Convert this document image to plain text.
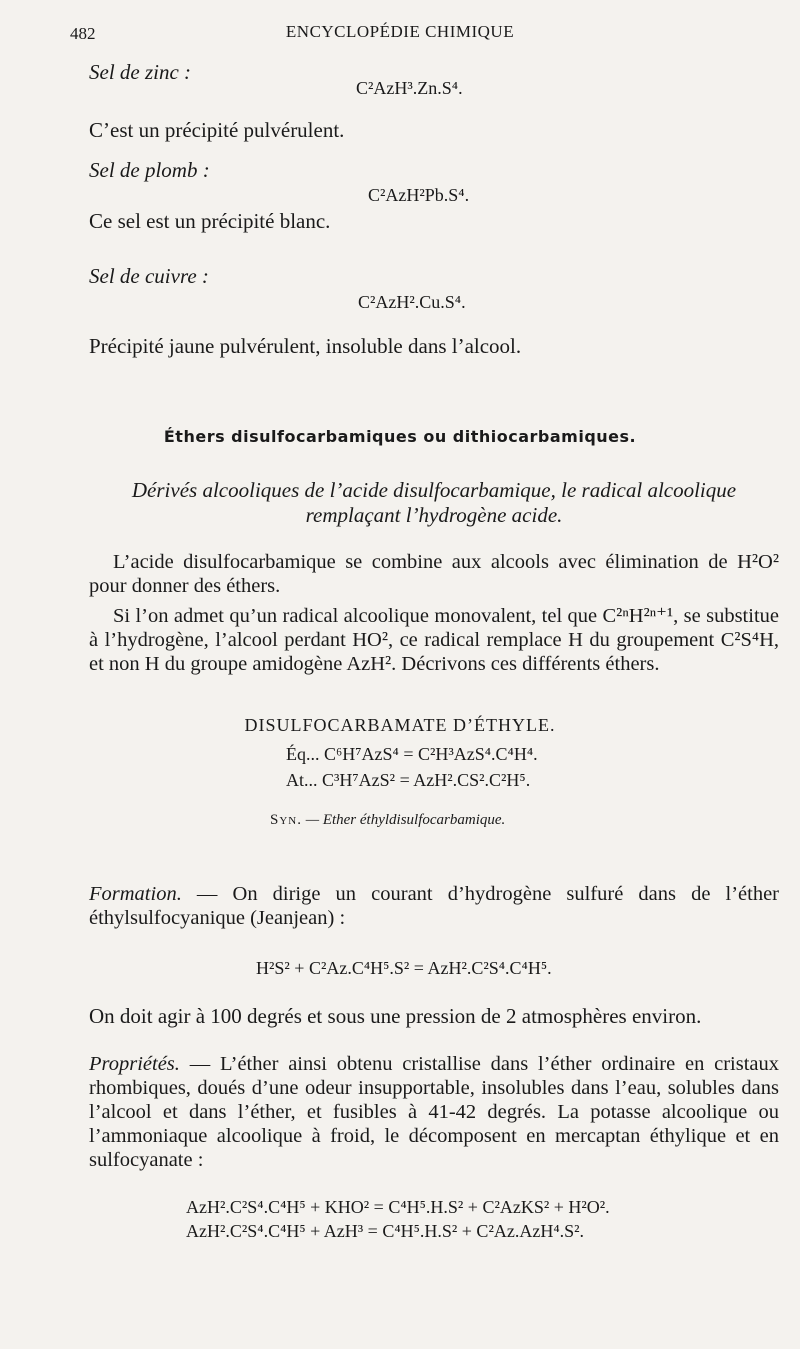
482	ENCYCLOPÉDIE CHIMIQUE
Sel de zinc :
C²AzH³.Zn.S⁴.
C’est un précipité pulvérulent.
Sel de plomb :
C²AzH²Pb.S⁴.
Ce sel est un précipité blanc.
Sel de cuivre :
C²AzH².Cu.S⁴.
Précipité jaune pulvérulent, insoluble dans l’alcool.
Éthers disulfocarbamiques ou dithiocarbamiques.
Dérivés alcooliques de l’acide disulfocarbamique, le radical alcoolique
remplaçant l’hydrogène acide.
L’acide disulfocarbamique se combine aux alcools avec élimination de H²O² pour donner des éthers.
Si l’on admet qu’un radical alcoolique monovalent, tel que C²ⁿH²ⁿ⁺¹, se substitue à l’hydrogène, l’alcool perdant HO², ce radical remplace H du groupement C²S⁴H, et non H du groupe amidogène AzH². Décrivons ces différents éthers.
DISULFOCARBAMATE D’ÉTHYLE.
Éq... C⁶H⁷AzS⁴ = C²H³AzS⁴.C⁴H⁴.
At... C³H⁷AzS² = AzH².CS².C²H⁵.
Syn. — Ether éthyldisulfocarbamique.
Formation. — On dirige un courant d’hydrogène sulfuré dans de l’éther éthylsulfocyanique (Jeanjean) :
H²S² + C²Az.C⁴H⁵.S² = AzH².C²S⁴.C⁴H⁵.
On doit agir à 100 degrés et sous une pression de 2 atmosphères environ.
Propriétés. — L’éther ainsi obtenu cristallise dans l’éther ordinaire en cristaux rhombiques, doués d’une odeur insupportable, insolubles dans l’eau, solubles dans l’alcool et dans l’éther, et fusibles à 41-42 degrés. La potasse alcoolique ou l’ammoniaque alcoolique à froid, le décomposent en mercaptan éthylique et en sulfocyanate :
AzH².C²S⁴.C⁴H⁵ + KHO² = C⁴H⁵.H.S² + C²AzKS² + H²O².
AzH².C²S⁴.C⁴H⁵ + AzH³ = C⁴H⁵.H.S² + C²Az.AzH⁴.S².
